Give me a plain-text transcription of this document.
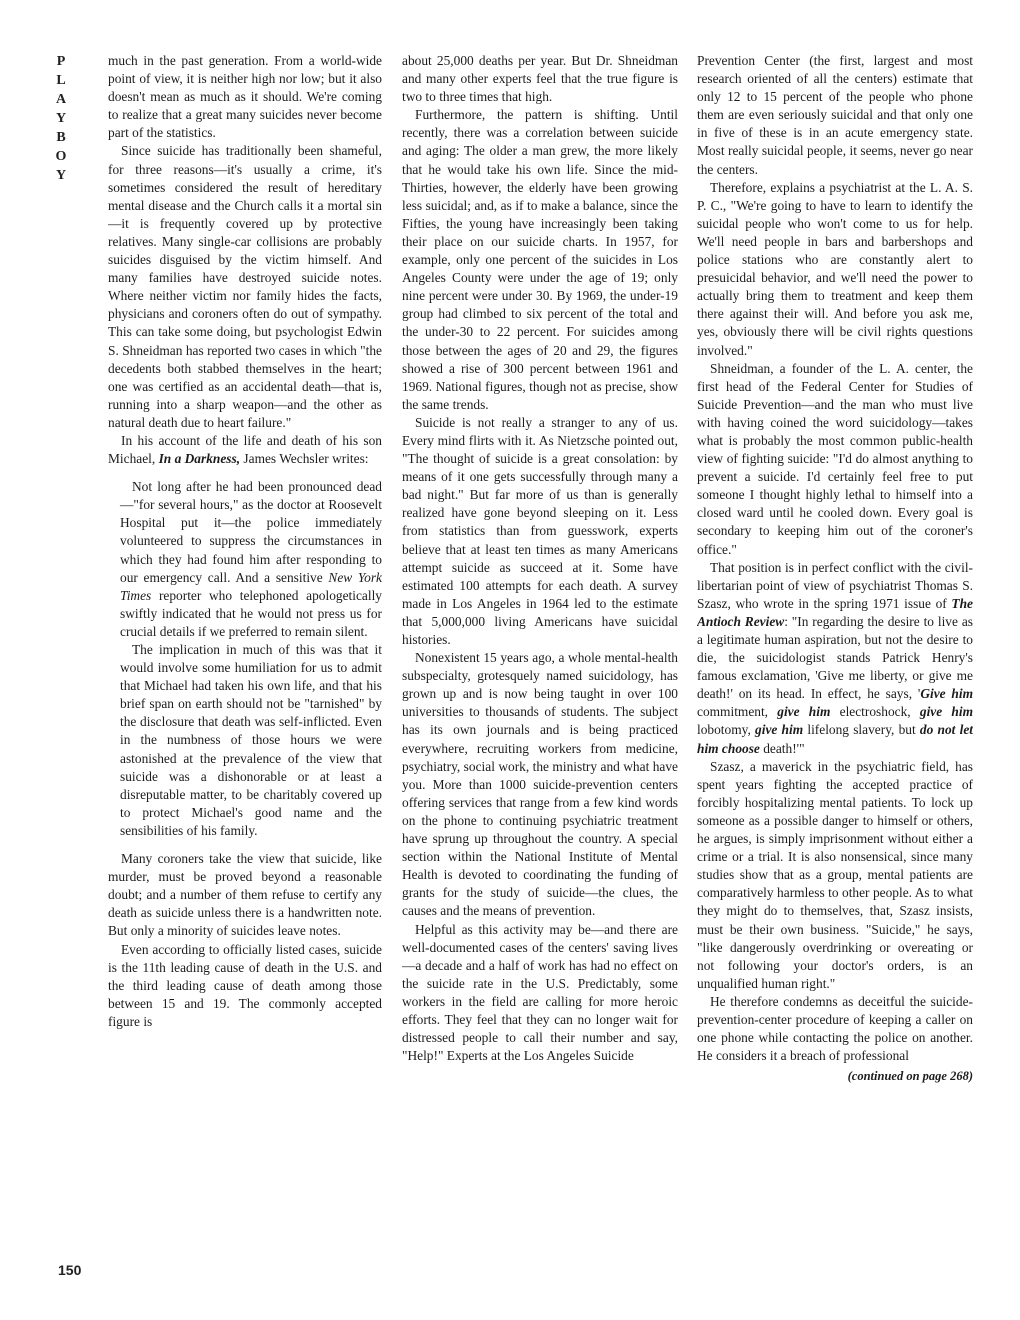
P
L
A
Y
B
O
Y
150

much in the past generation. From a world-wide point of view, it is neither high nor low; but it also doesn't mean as much as it should. We're coming to realize that a great many suicides never become part of the statistics.

Since suicide has traditionally been shameful, for three reasons—it's usually a crime, it's sometimes considered the result of hereditary mental disease and the Church calls it a mortal sin—it is frequently covered up by protective relatives. Many single-car collisions are probably suicides disguised by the victim himself. And many families have destroyed suicide notes. Where neither victim nor family hides the facts, physicians and coroners often do out of sympathy. This can take some doing, but psychologist Edwin S. Shneidman has reported two cases in which "the decedents both stabbed themselves in the heart; one was certified as an accidental death—that is, running into a sharp weapon—and the other as natural death due to heart failure."

In his account of the life and death of his son Michael, In a Darkness, James Wechsler writes:

Not long after he had been pronounced dead—"for several hours," as the doctor at Roosevelt Hospital put it—the police immediately volunteered to suppress the circumstances in which they had found him after responding to our emergency call. And a sensitive New York Times reporter who telephoned apologetically swiftly indicated that he would not press us for crucial details if we preferred to remain silent.

The implication in much of this was that it would involve some humiliation for us to admit that Michael had taken his own life, and that his brief span on earth should not be "tarnished" by the disclosure that death was self-inflicted. Even in the numbness of those hours we were astonished at the prevalence of the view that suicide was a dishonorable or at least a disreputable matter, to be charitably covered up to protect Michael's good name and the sensibilities of his family.

Many coroners take the view that suicide, like murder, must be proved beyond a reasonable doubt; and a number of them refuse to certify any death as suicide unless there is a handwritten note. But only a minority of suicides leave notes.

Even according to officially listed cases, suicide is the 11th leading cause of death in the U.S. and the third leading cause of death among those between 15 and 19. The commonly accepted figure is

about 25,000 deaths per year. But Dr. Shneidman and many other experts feel that the true figure is two to three times that high.

Furthermore, the pattern is shifting. Until recently, there was a correlation between suicide and aging: The older a man grew, the more likely that he would take his own life. Since the mid-Thirties, however, the elderly have been growing less suicidal; and, as if to make a balance, since the Fifties, the young have increasingly been taking their place on our suicide charts. In 1957, for example, only one percent of the suicides in Los Angeles County were under the age of 19; only nine percent were under 30. By 1969, the under-19 group had climbed to six percent of the total and the under-30 to 22 percent. For suicides among those between the ages of 20 and 29, the figures showed a rise of 300 percent between 1961 and 1969. National figures, though not as precise, show the same trends.

Suicide is not really a stranger to any of us. Every mind flirts with it. As Nietzsche pointed out, "The thought of suicide is a great consolation: by means of it one gets successfully through many a bad night." But far more of us than is generally realized have gone beyond sleeping on it. Less from statistics than from guesswork, experts believe that at least ten times as many Americans attempt suicide as succeed at it. Some have estimated 100 attempts for each death. A survey made in Los Angeles in 1964 led to the estimate that 5,000,000 living Americans have suicidal histories.

Nonexistent 15 years ago, a whole mental-health subspecialty, grotesquely named suicidology, has grown up and is now being taught in over 100 universities to thousands of students. The subject has its own journals and is being practiced everywhere, recruiting workers from medicine, psychiatry, social work, the ministry and what have you. More than 1000 suicide-prevention centers offering services that range from a few kind words on the phone to continuing psychiatric treatment have sprung up throughout the country. A special section within the National Institute of Mental Health is devoted to coordinating the funding of grants for the study of suicide—the clues, the causes and the means of prevention.

Helpful as this activity may be—and there are well-documented cases of the centers' saving lives—a decade and a half of work has had no effect on the suicide rate in the U.S. Predictably, some workers in the field are calling for more heroic efforts. They feel that they can no longer wait for distressed people to call their number and say, "Help!" Experts at the Los Angeles Suicide

Prevention Center (the first, largest and most research oriented of all the centers) estimate that only 12 to 15 percent of the people who phone them are even seriously suicidal and that only one in five of these is in an acute emergency state. Most really suicidal people, it seems, never go near the centers.

Therefore, explains a psychiatrist at the L. A. S. P. C., "We're going to have to learn to identify the suicidal people who won't come to us for help. We'll need people in bars and barbershops and police stations who are constantly alert to presuicidal behavior, and we'll need the power to actually bring them to treatment and keep them there against their will. And before you ask me, yes, obviously there will be civil rights questions involved."

Shneidman, a founder of the L. A. center, the first head of the Federal Center for Studies of Suicide Prevention—and the man who must live with having coined the word suicidology—takes what is probably the most common public-health view of fighting suicide: "I'd do almost anything to prevent a suicide. I'd certainly feel free to put someone I thought highly lethal to himself into a closed ward until he cooled down. Every goal is secondary to keeping him out of the coroner's office."

That position is in perfect conflict with the civil-libertarian point of view of psychiatrist Thomas S. Szasz, who wrote in the spring 1971 issue of The Antioch Review: "In regarding the desire to live as a legitimate human aspiration, but not the desire to die, the suicidologist stands Patrick Henry's famous exclamation, 'Give me liberty, or give me death!' on its head. In effect, he says, 'Give him commitment, give him electroshock, give him lobotomy, give him lifelong slavery, but do not let him choose death!'"

Szasz, a maverick in the psychiatric field, has spent years fighting the accepted practice of forcibly hospitalizing mental patients. To lock up someone as a possible danger to himself or others, he argues, is simply imprisonment without either a crime or a trial. It is also nonsensical, since many studies show that as a group, mental patients are comparatively harmless to other people. As to what they might do to themselves, that, Szasz insists, must be their own business. "Suicide," he says, "like dangerously overdrinking or overeating or not following your doctor's orders, is an unqualified human right."

He therefore condemns as deceitful the suicide-prevention-center procedure of keeping a caller on one phone while contacting the police on another. He considers it a breach of professional

(continued on page 268)
